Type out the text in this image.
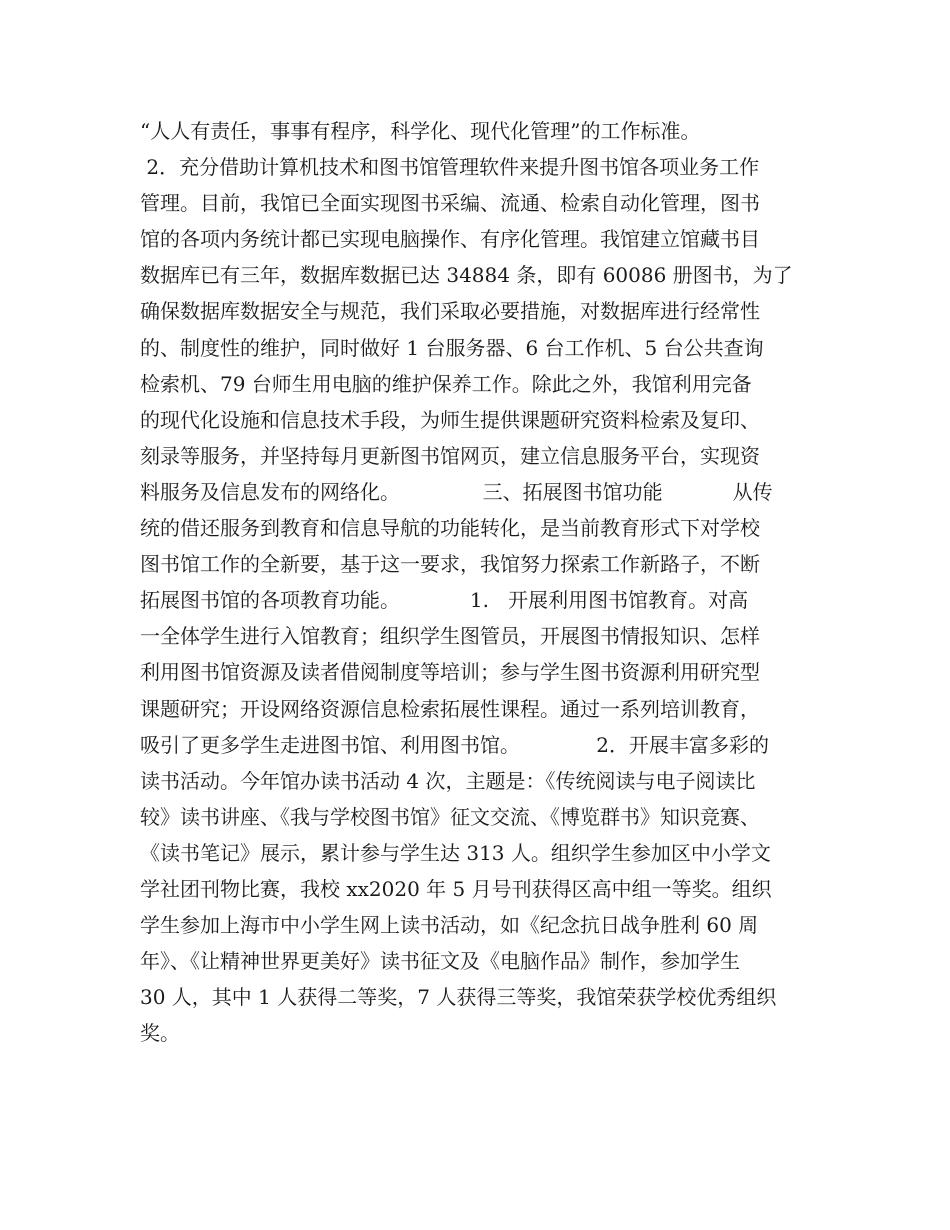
“人人有责任，事事有程序，科学化、现代化管理”的工作标准。
2．充分借助计算机技术和图书馆管理软件来提升图书馆各项业务工作
管理。目前，我馆已全面实现图书采编、流通、检索自动化管理，图书
馆的各项内务统计都已实现电脑操作、有序化管理。我馆建立馆藏书目
数据库已有三年，数据库数据已达 34884 条，即有 60086 册图书，为了
确保数据库数据安全与规范，我们采取必要措施，对数据库进行经常性
的、制度性的维护，同时做好 1 台服务器、6 台工作机、5 台公共查询
检索机、79 台师生用电脑的维护保养工作。除此之外，我馆利用完备
的现代化设施和信息技术手段，为师生提供课题研究资料检索及复印、
刻录等服务，并坚持每月更新图书馆网页，建立信息服务平台，实现资
料服务及信息发布的网络化。             三、拓展图书馆功能           从传
统的借还服务到教育和信息导航的功能转化，是当前教育形式下对学校
图书馆工作的全新要，基于这一要求，我馆努力探索工作新路子，不断
拓展图书馆的各项教育功能。           1.   开展利用图书馆教育。对高
一全体学生进行入馆教育；组织学生图管员，开展图书情报知识、怎样
利用图书馆资源及读者借阅制度等培训；参与学生图书资源利用研究型
课题研究；开设网络资源信息检索拓展性课程。通过一系列培训教育，
吸引了更多学生走进图书馆、利用图书馆。            2．开展丰富多彩的
读书活动。今年馆办读书活动 4 次，主题是：《传统阅读与电子阅读比
较》读书讲座、《我与学校图书馆》征文交流、《博览群书》知识竞赛、
《读书笔记》展示，累计参与学生达 313 人。组织学生参加区中小学文
学社团刊物比赛，我校 xx2020 年 5 月号刊获得区高中组一等奖。组织
学生参加上海市中小学生网上读书活动，如《纪念抗日战争胜利 60 周
年》、《让精神世界更美好》读书征文及《电脑作品》制作，参加学生
30 人，其中 1 人获得二等奖，7 人获得三等奖，我馆荣获学校优秀组织
奖。
